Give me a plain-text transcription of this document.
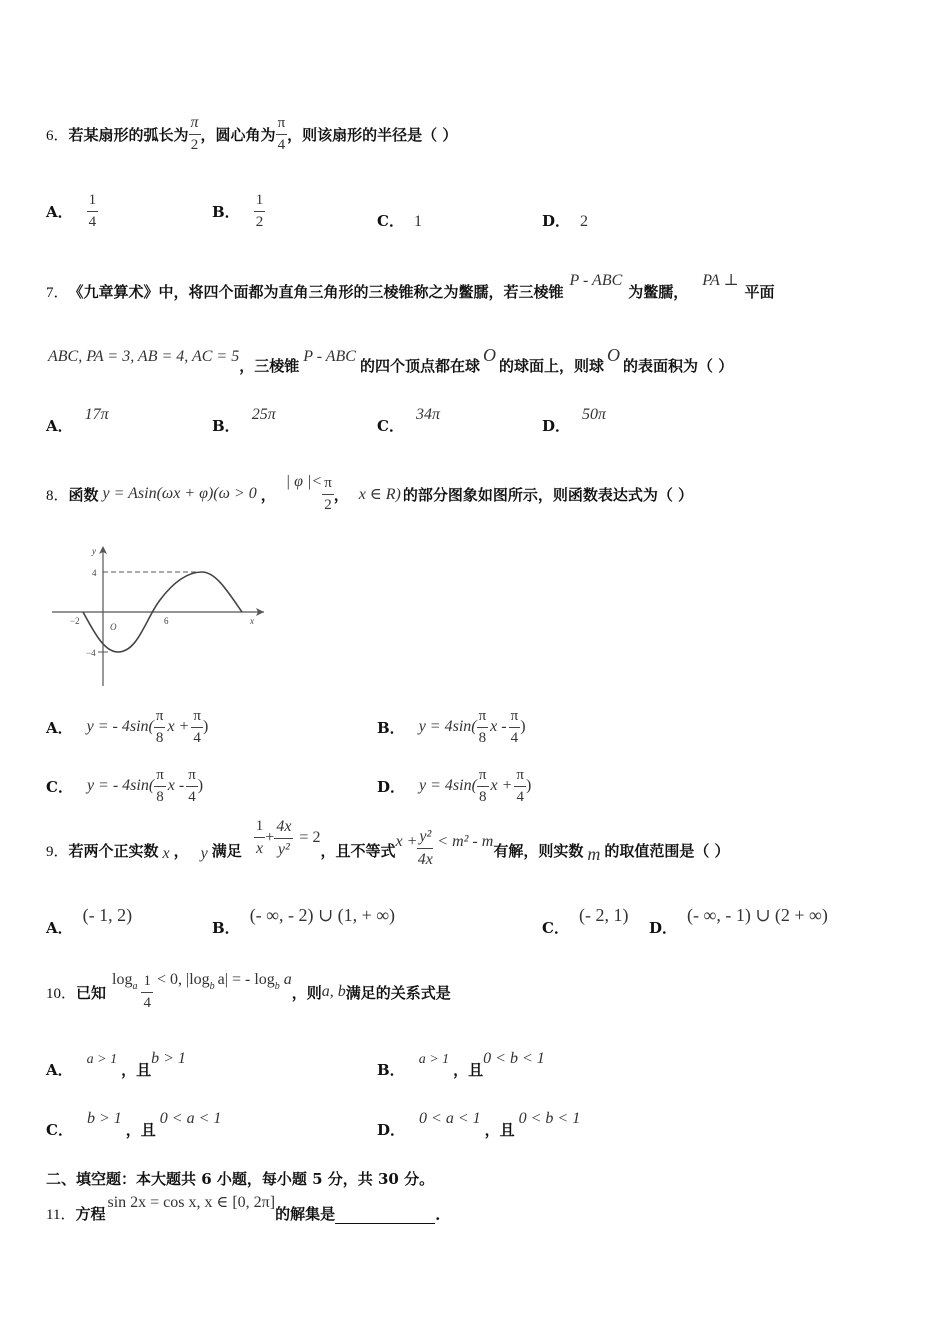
6． 若某扇形的弧长为 $\frac{\pi}{2}$ ，圆心角为 $\frac{\pi}{4}$ ，则该扇形的半径是（ ）
A． $\frac{1}{4}$	B． $\frac{1}{2}$	C． 1	D． 2
7． 《九章算术》中，将四个面都为直角三角形的三棱锥称之为鳖臑，若三棱锥
P - ABC
为鳖臑，
PA ⊥
平面
ABC, PA = 3, AB = 4, AC = 5
，三棱锥
P - ABC
的四个顶点都在球
O
的球面上，则球
O
的表面积为（ ）
A．
17π
B．
25π
C．
34π
D．
50π
8． 函数 y = Asin(ωx + φ)(ω > 0 ，
| φ |< $\frac{\pi}{2}$ ， x ∈ R) 的部分图象如图所示，则函数表达式为（ ）
y
x
O
4
−4
−2	6
A． y = - $4\sin( \frac{\pi}{8}$ $x + \frac{\pi}{4}$ )	B． $y = 4\sin( \frac{\pi}{8}$ x - $\frac{\pi}{4}$ )
C． y = - $4\sin( \frac{\pi}{8}$ x - $\frac{\pi}{4}$ )	D． $y = 4\sin( \frac{\pi}{8}$ $x + \frac{\pi}{4}$ )
9． 若两个正实数 x ， y 满足 $\frac{1}{x} + \frac{4x}{\text{y²}} = 2$
，且不等式 $x + \frac{\text{y²}}{4x} < m^2 - m$ 有解，则实数 m 的取值范围是（ ）
A．
(- 1, 2)
B．
(- ∞, - 2) ∪ (1, + ∞)
C．
(- 2, 1)
D．
(- ∞, - 1) ∪ (2 + ∞)
10． 已知
$\log_a \frac{1}{4} < 0$, $|\log_b$ a| = - $\log_b a$
，则 a, b 满足的关系式是
A．
a > 1
，且
b > 1
B．
a > 1
，且
0 < b < 1
C．
b > 1
，且
0 < a < 1
D．
0 < a < 1
，且
0 < b < 1
二、填空题：本大题共 6 小题，每小题 5 分，共 30 分。
11． 方程
sin 2x = cos x, x ∈ [0, 2π]
的解集是	.
